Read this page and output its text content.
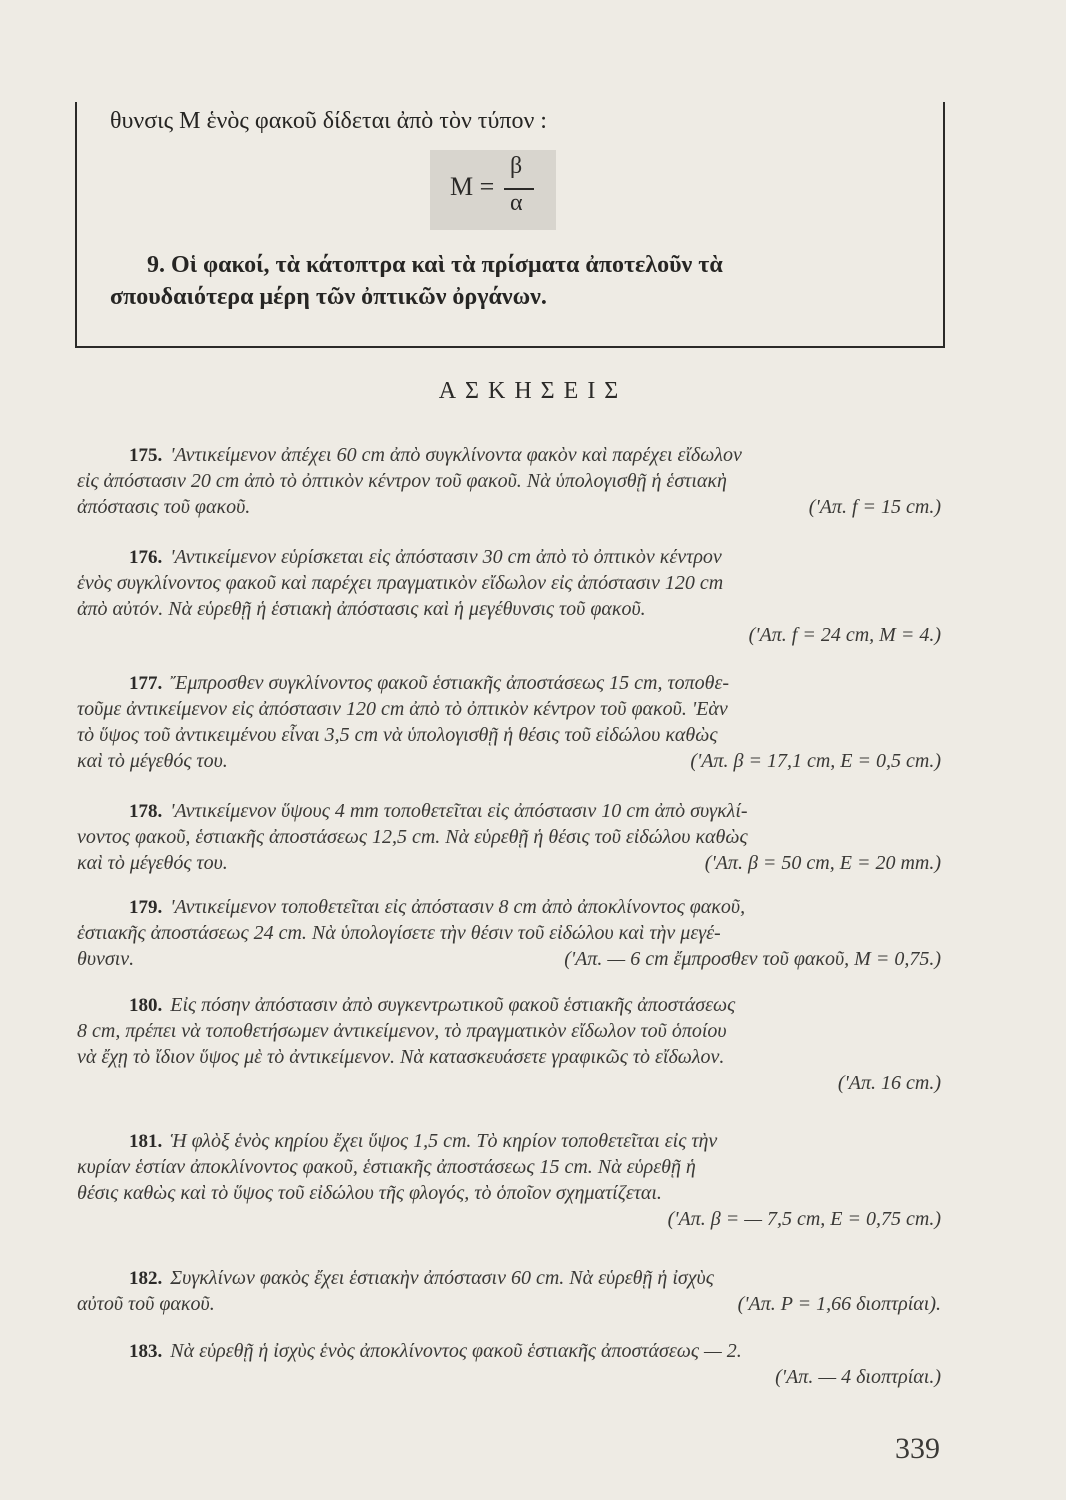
θυνσις M ἑνὸς φακοῦ δίδεται ἀπὸ τὸν τύπον :
M =
β
α
9. Οἱ φακοί, τὰ κάτοπτρα καὶ τὰ πρίσματα ἀποτελοῦν τὰ
σπουδαιότερα μέρη τῶν ὀπτικῶν ὀργάνων.
ΑΣΚΗΣΕΙΣ
175. 'Αντικείμενον ἀπέχει 60 cm ἀπὸ συγκλίνοντα φακὸν καὶ παρέχει εἴδωλον
εἰς ἀπόστασιν 20 cm ἀπὸ τὸ ὀπτικὸν κέντρον τοῦ φακοῦ. Νὰ ὑπολογισθῇ ἡ ἑστιακὴ
ἀπόστασις τοῦ φακοῦ.	('Απ. f = 15 cm.)
176. 'Αντικείμενον εὑρίσκεται εἰς ἀπόστασιν 30 cm ἀπὸ τὸ ὀπτικὸν κέντρον
ἑνὸς συγκλίνοντος φακοῦ καὶ παρέχει πραγματικὸν εἴδωλον εἰς ἀπόστασιν 120 cm
ἀπὸ αὐτόν. Νὰ εὑρεθῇ ἡ ἑστιακὴ ἀπόστασις καὶ ἡ μεγέθυνσις τοῦ φακοῦ.
('Απ. f = 24 cm, M = 4.)
177. Ἔμπροσθεν συγκλίνοντος φακοῦ ἑστιακῆς ἀποστάσεως 15 cm, τοποθε-
τοῦμε ἀντικείμενον εἰς ἀπόστασιν 120 cm ἀπὸ τὸ ὀπτικὸν κέντρον τοῦ φακοῦ. 'Εὰν
τὸ ὕψος τοῦ ἀντικειμένου εἶναι 3,5 cm νὰ ὑπολογισθῇ ἡ θέσις τοῦ εἰδώλου καθὼς
καὶ τὸ μέγεθός του.	('Απ. β = 17,1 cm, E = 0,5 cm.)
178. 'Αντικείμενον ὕψους 4 mm τοποθετεῖται εἰς ἀπόστασιν 10 cm ἀπὸ συγκλί-
νοντος φακοῦ, ἑστιακῆς ἀποστάσεως 12,5 cm. Νὰ εὑρεθῇ ἡ θέσις τοῦ εἰδώλου καθὼς
καὶ τὸ μέγεθός του.	('Απ. β = 50 cm, E = 20 mm.)
179. 'Αντικείμενον τοποθετεῖται εἰς ἀπόστασιν 8 cm ἀπὸ ἀποκλίνοντος φακοῦ,
ἑστιακῆς ἀποστάσεως 24 cm. Νὰ ὑπολογίσετε τὴν θέσιν τοῦ εἰδώλου καὶ τὴν μεγέ-
θυνσιν.	('Απ. — 6 cm ἔμπροσθεν τοῦ φακοῦ, M = 0,75.)
180. Εἰς πόσην ἀπόστασιν ἀπὸ συγκεντρωτικοῦ φακοῦ ἑστιακῆς ἀποστάσεως
8 cm, πρέπει νὰ τοποθετήσωμεν ἀντικείμενον, τὸ πραγματικὸν εἴδωλον τοῦ ὁποίου
νὰ ἔχῃ τὸ ἴδιον ὕψος μὲ τὸ ἀντικείμενον. Νὰ κατασκευάσετε γραφικῶς τὸ εἴδωλον.
('Απ. 16 cm.)
181. Ἡ φλὸξ ἑνὸς κηρίου ἔχει ὕψος 1,5 cm. Τὸ κηρίον τοποθετεῖται εἰς τὴν
κυρίαν ἑστίαν ἀποκλίνοντος φακοῦ, ἑστιακῆς ἀποστάσεως 15 cm. Νὰ εὑρεθῇ ἡ
θέσις καθὼς καὶ τὸ ὕψος τοῦ εἰδώλου τῆς φλογός, τὸ ὁποῖον σχηματίζεται.
('Απ. β = — 7,5 cm, E = 0,75 cm.)
182. Συγκλίνων φακὸς ἔχει ἑστιακὴν ἀπόστασιν 60 cm. Νὰ εὑρεθῇ ἡ ἰσχὺς
αὐτοῦ τοῦ φακοῦ.	('Απ. P = 1,66 διοπτρίαι).
183. Νὰ εὑρεθῇ ἡ ἰσχὺς ἑνὸς ἀποκλίνοντος φακοῦ ἑστιακῆς ἀποστάσεως — 2.
('Απ. — 4 διοπτρίαι.)
339
